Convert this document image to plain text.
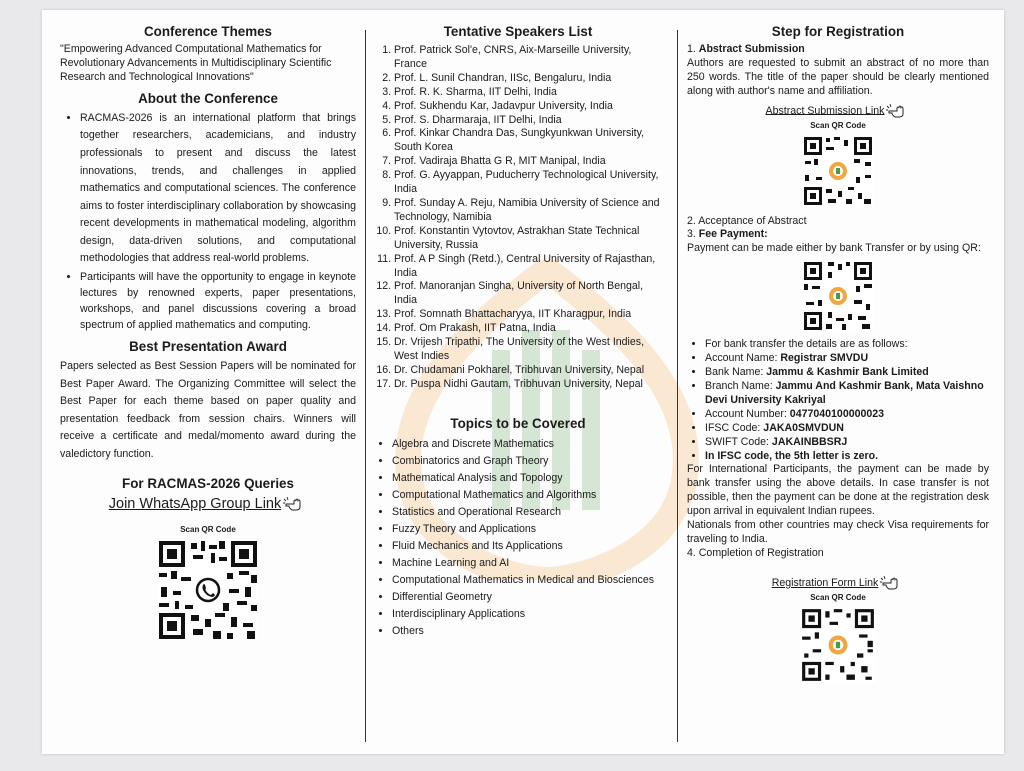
Conference Themes
"Empowering Advanced Computational Mathematics for Revolutionary Advancements in Multidisciplinary Scientific Research and Technological Innovations"
About the Conference
• RACMAS-2026 is an international platform that brings together researchers, academicians, and industry professionals to present and discuss the latest innovations, trends, and challenges in applied mathematics and computational sciences. The conference aims to foster interdisciplinary collaboration by showcasing recent developments in mathematical modeling, algorithm design, data-driven solutions, and computational methodologies that address real-world problems.
• Participants will have the opportunity to engage in keynote lectures by renowned experts, paper presentations, workshops, and panel discussions covering a broad spectrum of applied mathematics and computing.
Best Presentation Award
Papers selected as Best Session Papers will be nominated for Best Paper Award. The Organizing Committee will select the Best Paper for each theme based on paper quality and presentation feedback from session chairs. Winners will receive a certificate and medal/momento award during the valedictory function.
For RACMAS-2026 Queries
Join WhatsApp Group Link
Scan QR Code
Tentative Speakers List
1. Prof. Patrick Sol'e, CNRS, Aix-Marseille University, France
2. Prof. L. Sunil Chandran, IISc, Bengaluru, India
3. Prof. R. K. Sharma, IIT Delhi, India
4. Prof. Sukhendu Kar, Jadavpur University, India
5. Prof. S. Dharmaraja, IIT Delhi, India
6. Prof. Kinkar Chandra Das, Sungkyunkwan University, South Korea
7. Prof. Vadiraja Bhatta G R, MIT Manipal, India
8. Prof. G. Ayyappan, Puducherry Technological University, India
9. Prof. Sunday A. Reju, Namibia University of Science and Technology, Namibia
10. Prof. Konstantin Vytovtov, Astrakhan State Technical University, Russia
11. Prof. A P Singh (Retd.), Central University of Rajasthan, India
12. Prof. Manoranjan Singha, University of North Bengal, India
13. Prof. Somnath Bhattacharyya, IIT Kharagpur, India
14. Prof. Om Prakash, IIT Patna, India
15. Dr. Vrijesh Tripathi, The University of the West Indies, West Indies
16. Dr. Chudamani Pokharel, Tribhuvan University, Nepal
17. Dr. Puspa Nidhi Gautam, Tribhuvan University, Nepal
Topics to be Covered
• Algebra and Discrete Mathematics
• Combinatorics and Graph Theory
• Mathematical Analysis and Topology
• Computational Mathematics and Algorithms
• Statistics and Operational Research
• Fuzzy Theory and Applications
• Fluid Mechanics and Its Applications
• Machine Learning and AI
• Computational Mathematics in Medical and Biosciences
• Differential Geometry
• Interdisciplinary Applications
• Others
Step for Registration
1. Abstract Submission
Authors are requested to submit an abstract of no more than 250 words. The title of the paper should be clearly mentioned along with author's name and affiliation.
Abstract Submission Link
Scan QR Code
2. Acceptance of Abstract
3. Fee Payment:
Payment can be made either by bank Transfer or by using QR:
• For bank transfer the details are as follows:
• Account Name: Registrar SMVDU
• Bank Name: Jammu & Kashmir Bank Limited
• Branch Name: Jammu And Kashmir Bank, Mata Vaishno Devi University Kakriyal
• Account Number: 0477040100000023
• IFSC Code: JAKA0SMVDUN
• SWIFT Code: JAKAINBBSRJ
• In IFSC code, the 5th letter is zero.
For International Participants, the payment can be made by bank transfer using the above details. In case transfer is not possible, then the payment can be done at the registration desk upon arrival in equivalent Indian rupees.
Nationals from other countries may check Visa requirements for traveling to India.
4. Completion of Registration
Registration Form Link
Scan QR Code
